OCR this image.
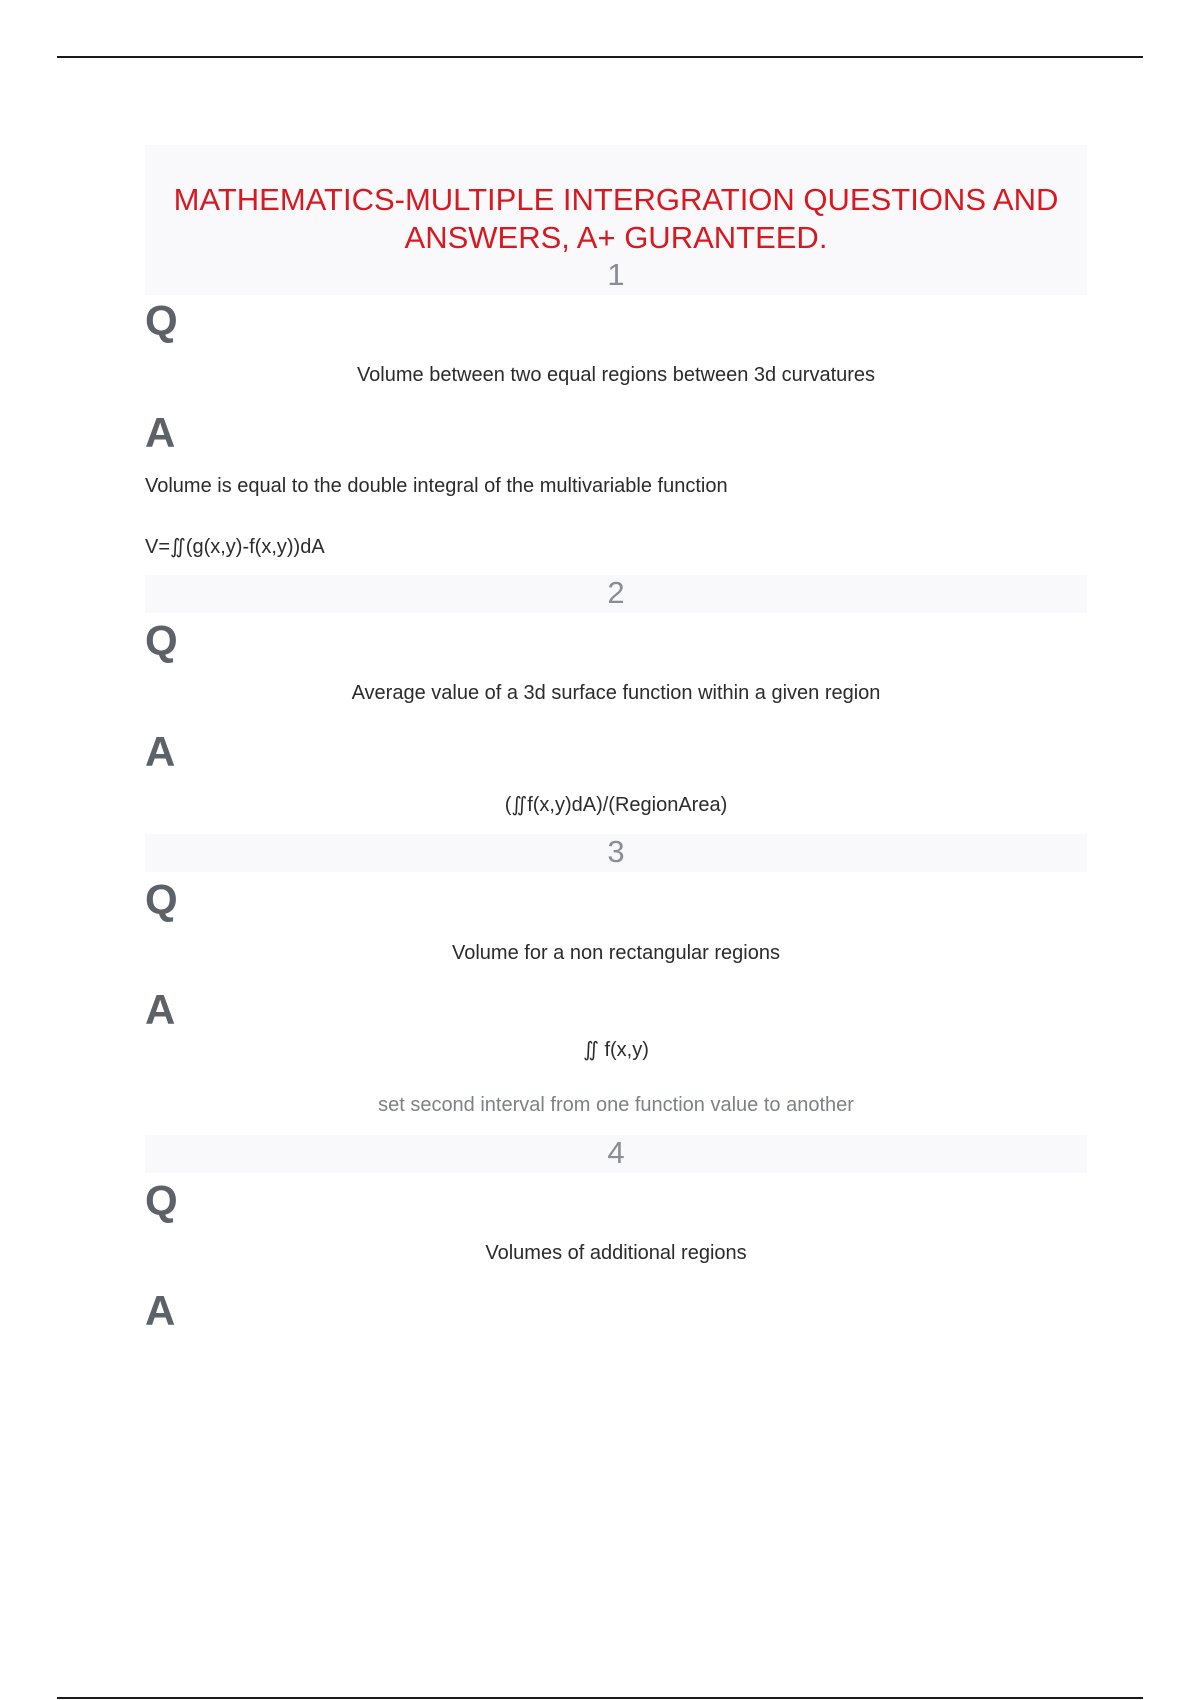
MATHEMATICS-MULTIPLE INTERGRATION QUESTIONS AND ANSWERS, A+ GURANTEED.
1
Q
Volume between two equal regions between 3d curvatures
A
Volume is equal to the double integral of the multivariable function
V=∬(g(x,y)-f(x,y))dA
2
Q
Average value of a 3d surface function within a given region
A
(∬f(x,y)dA)/(RegionArea)
3
Q
Volume for a non rectangular regions
A
∬ f(x,y)
set second interval from one function value to another
4
Q
Volumes of additional regions
A
